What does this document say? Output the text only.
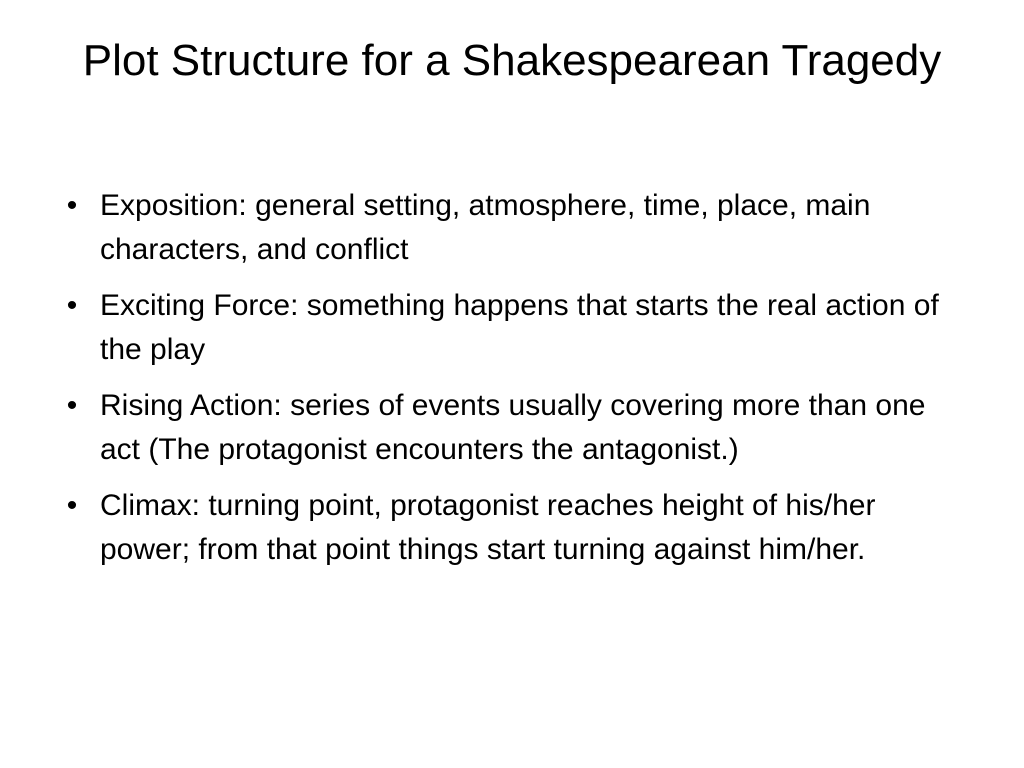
Plot Structure for a Shakespearean Tragedy
• Exposition: general setting, atmosphere, time, place, main characters, and conflict
• Exciting Force: something happens that starts the real action of the play
• Rising Action: series of events usually covering more than one act (The protagonist encounters the antagonist.)
• Climax: turning point, protagonist reaches height of his/her power; from that point things start turning against him/her.
